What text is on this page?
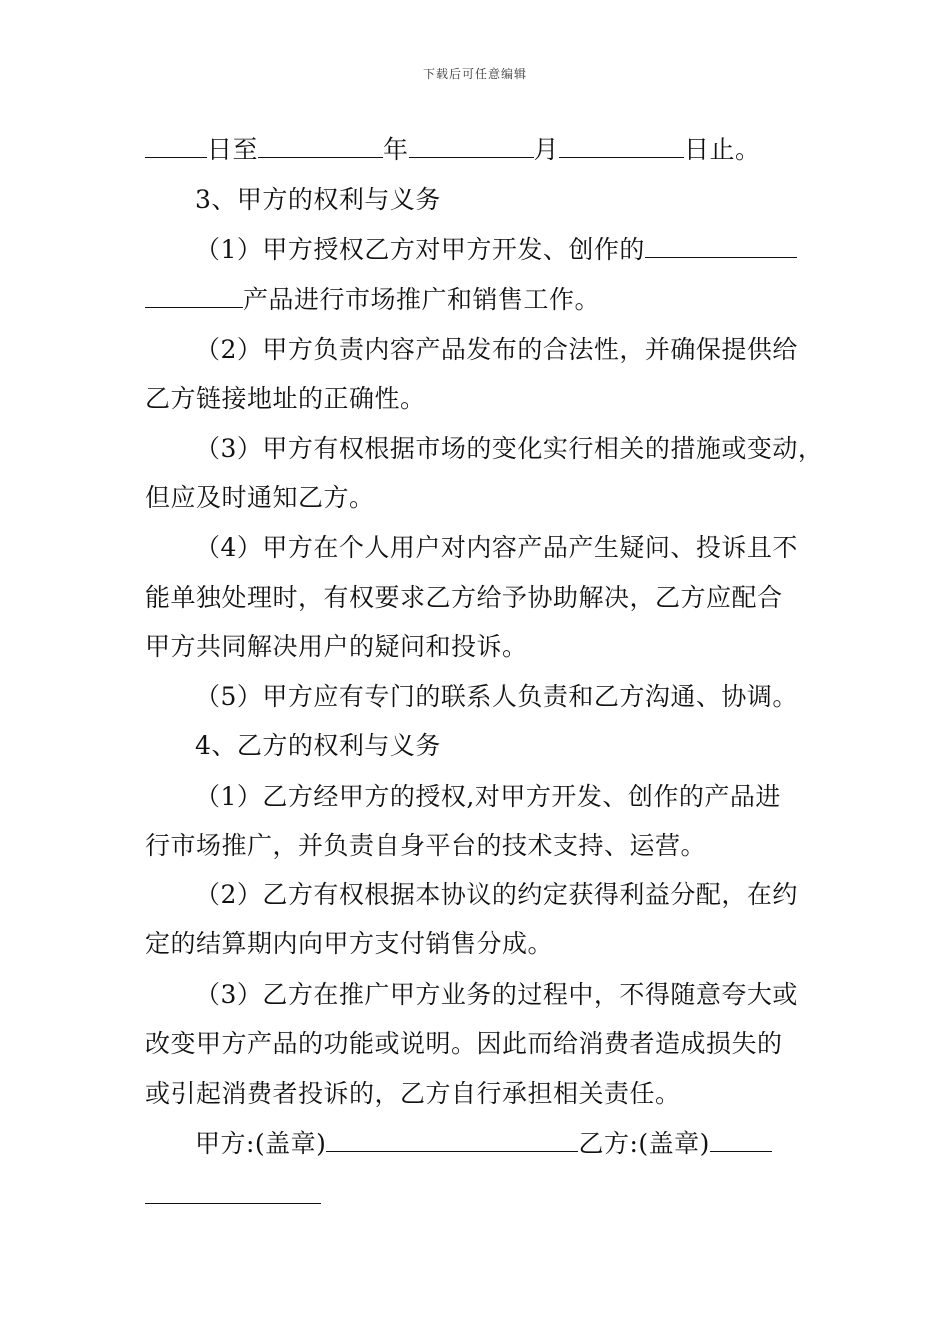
下载后可任意编辑
日至	年	月	日止。
3、甲方的权利与义务
（1）甲方授权乙方对甲方开发、创作的
产品进行市场推广和销售工作。
（2）甲方负责内容产品发布的合法性，并确保提供给
乙方链接地址的正确性。
（3）甲方有权根据市场的变化实行相关的措施或变动，
但应及时通知乙方。
（4）甲方在个人用户对内容产品产生疑问、投诉且不
能单独处理时，有权要求乙方给予协助解决，乙方应配合
甲方共同解决用户的疑问和投诉。
（5）甲方应有专门的联系人负责和乙方沟通、协调。
4、乙方的权利与义务
（1）乙方经甲方的授权,对甲方开发、创作的产品进
行市场推广，并负责自身平台的技术支持、运营。
（2）乙方有权根据本协议的约定获得利益分配，在约
定的结算期内向甲方支付销售分成。
（3）乙方在推广甲方业务的过程中，不得随意夸大或
改变甲方产品的功能或说明。因此而给消费者造成损失的
或引起消费者投诉的，乙方自行承担相关责任。
甲方:(盖章)	乙方:(盖章)
